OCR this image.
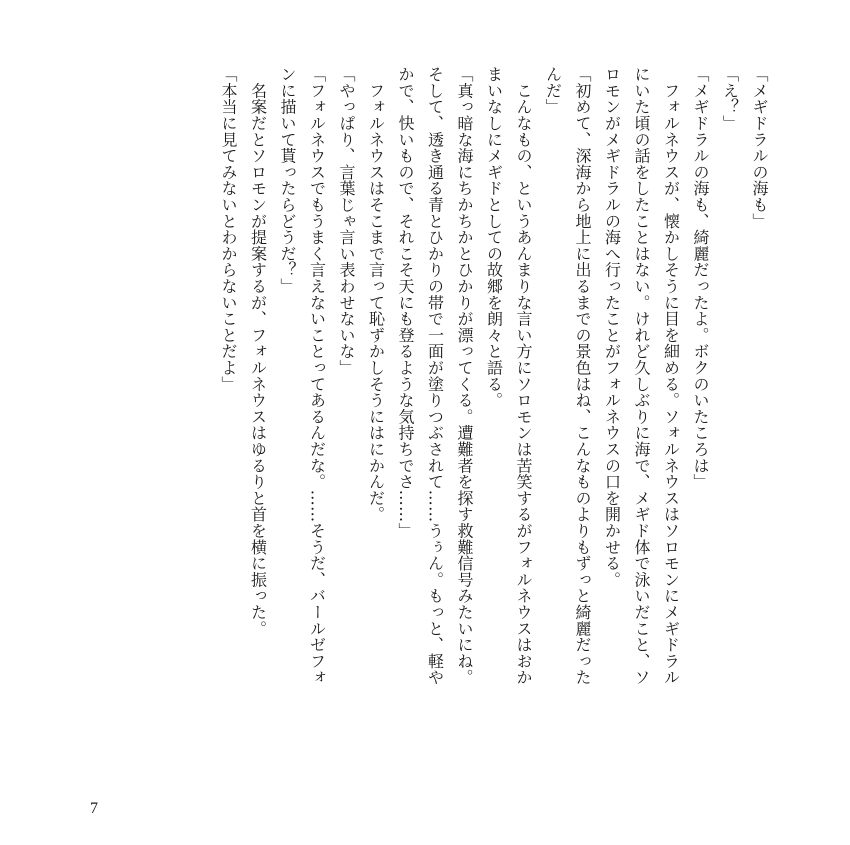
「メギドラルの海も」
「え？」
「メギドラルの海も、綺麗だったよ。ボクのいたころは」
　フォルネウスが、懐かしそうに目を細める。ソォルネウスはソロモンにメギドラル
にいた頃の話をしたことはない。けれど久しぶりに海で、メギド体で泳いだこと、ソ
ロモンがメギドラルの海へ行ったことがフォルネウスの口を開かせる。
「初めて、深海から地上に出るまでの景色はね、こんなものよりもずっと綺麗だった
んだ」
　こんなもの、というあんまりな言い方にソロモンは苦笑するがフォルネウスはおか
まいなしにメギドとしての故郷を朗々と語る。
「真っ暗な海にちかちかとひかりが漂ってくる。遭難者を探す救難信号みたいにね。
そして、透き通る青とひかりの帯で一面が塗りつぶされて……うぅん。もっと、軽や
かで、快いもので、それこそ天にも登るような気持ちでさ……」
　フォルネウスはそこまで言って恥ずかしそうにはにかんだ。
「やっぱり、言葉じゃ言い表わせないな」
「フォルネウスでもうまく言えないことってあるんだな。……そうだ、バールゼフォ
ンに描いて貰ったらどうだ？」
　名案だとソロモンが提案するが、フォルネウスはゆるりと首を横に振った。
「本当に見てみないとわからないことだよ」
7
